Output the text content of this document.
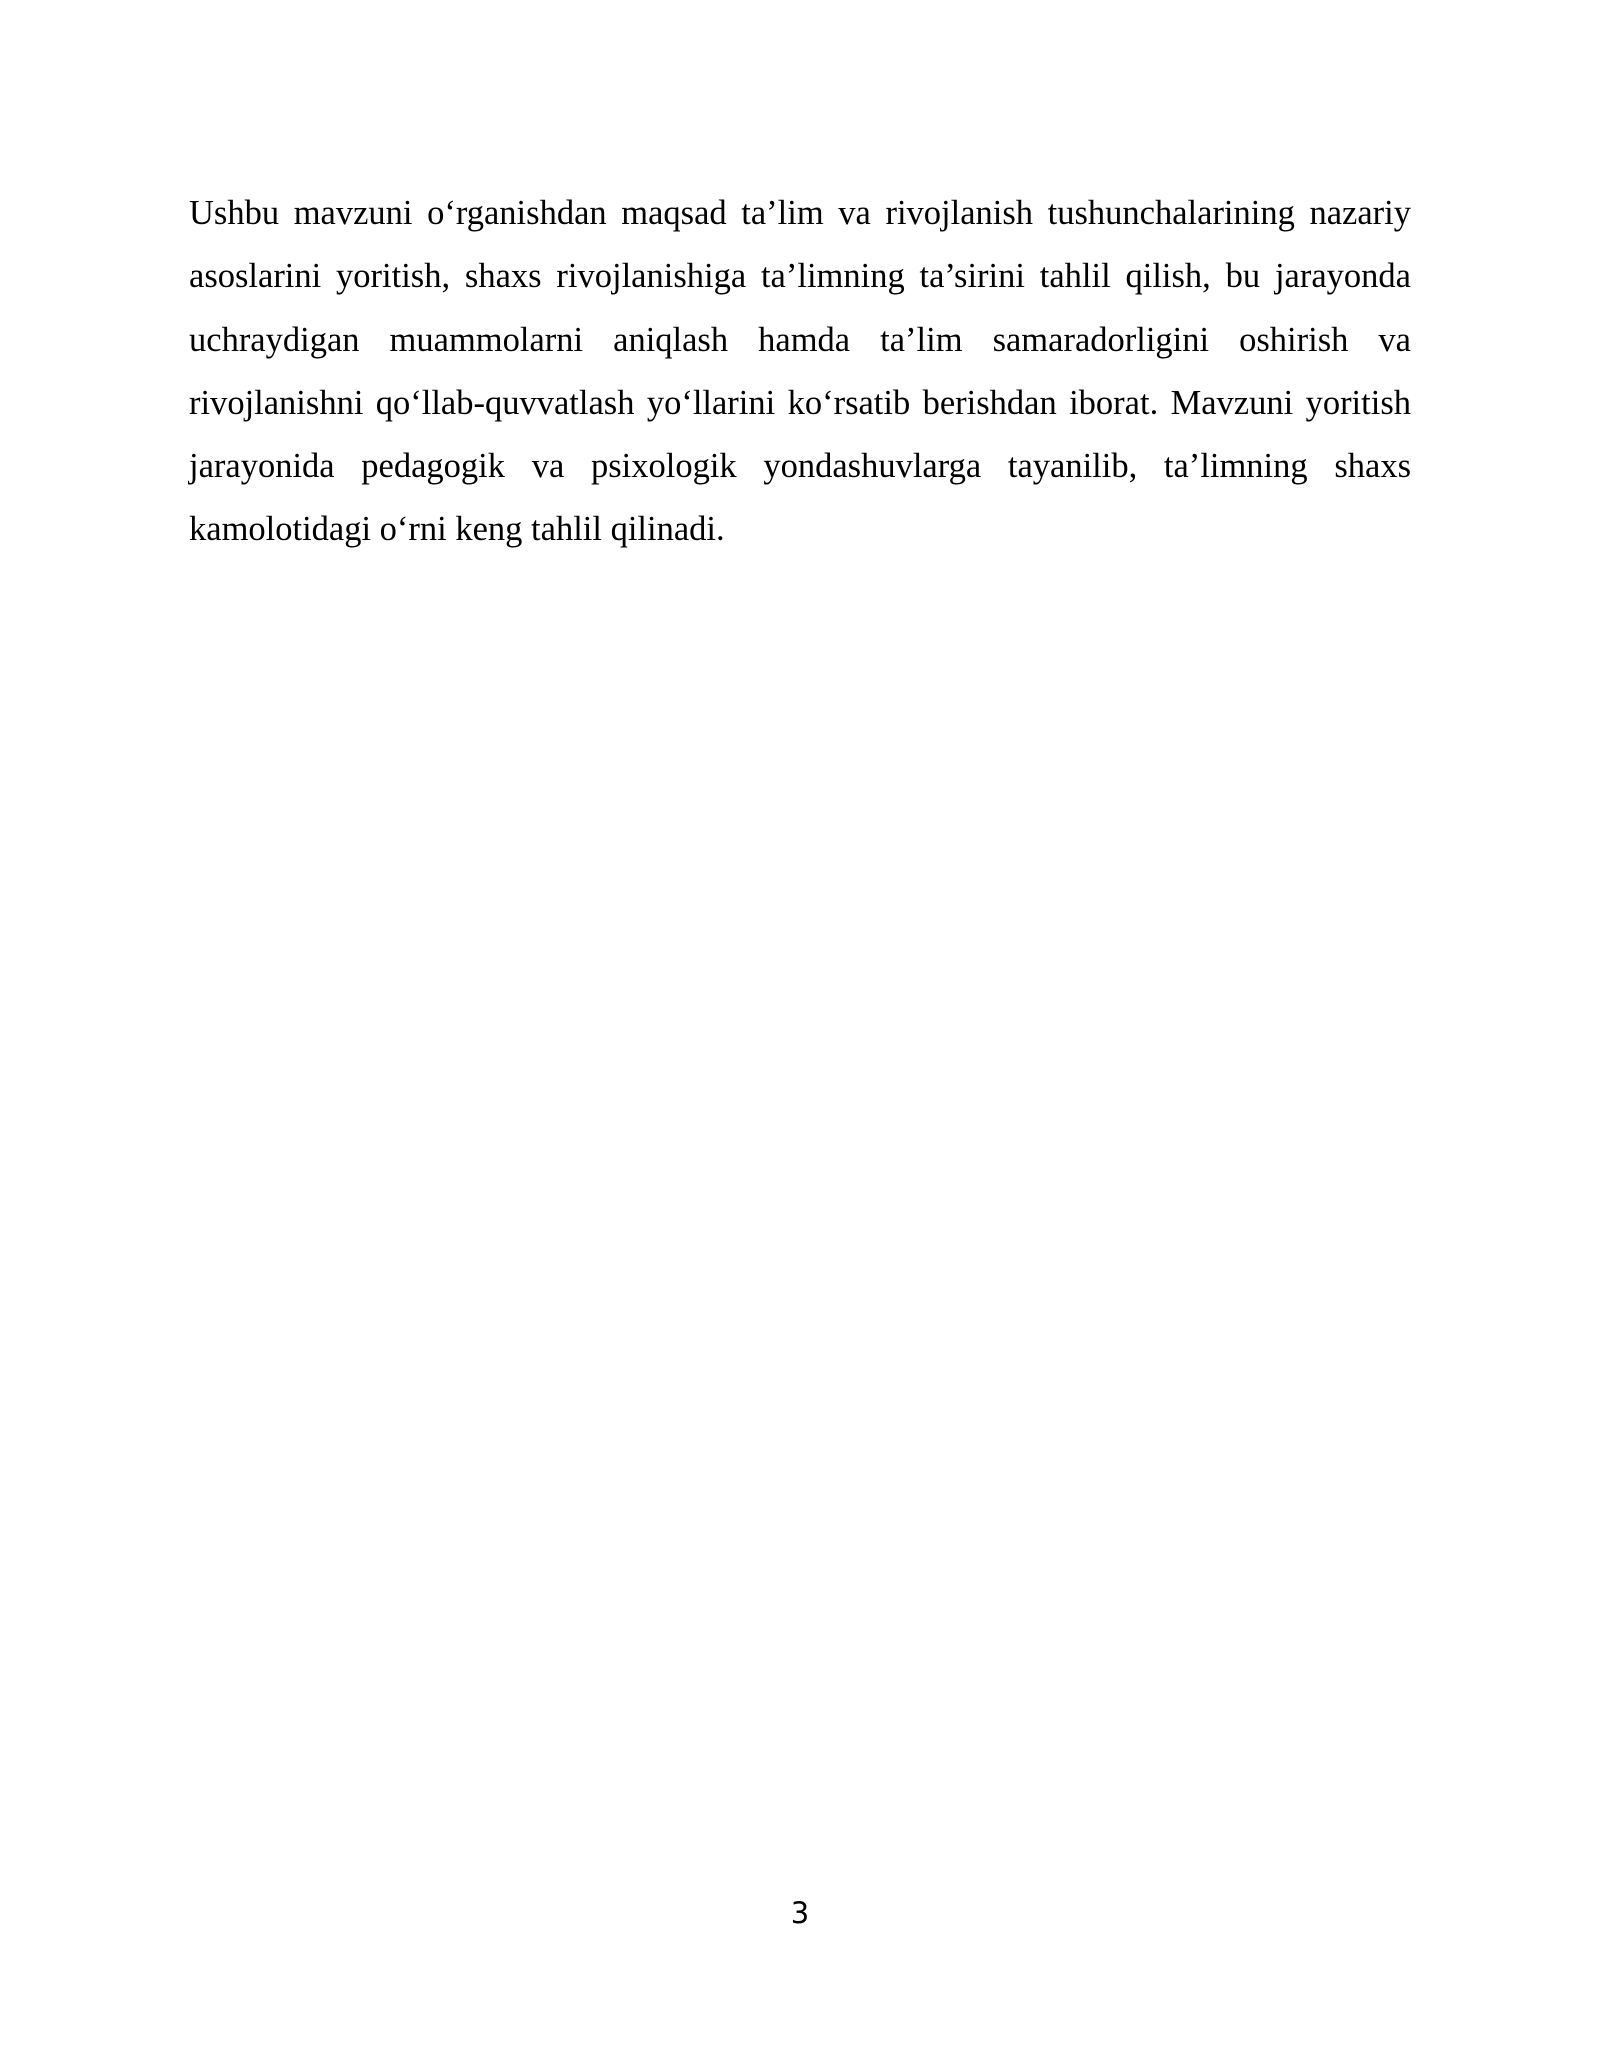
Ushbu mavzuni o‘rganishdan maqsad ta’lim va rivojlanish tushunchalarining nazariy asoslarini yoritish, shaxs rivojlanishiga ta’limning ta’sirini tahlil qilish, bu jarayonda uchraydigan muammolarni aniqlash hamda ta’lim samaradorligini oshirish va rivojlanishni qo‘llab-quvvatlash yo‘llarini ko‘rsatib berishdan iborat. Mavzuni yoritish jarayonida pedagogik va psixologik yondashuvlarga tayanilib, ta’limning shaxs kamolotidagi o‘rni keng tahlil qilinadi.

3
